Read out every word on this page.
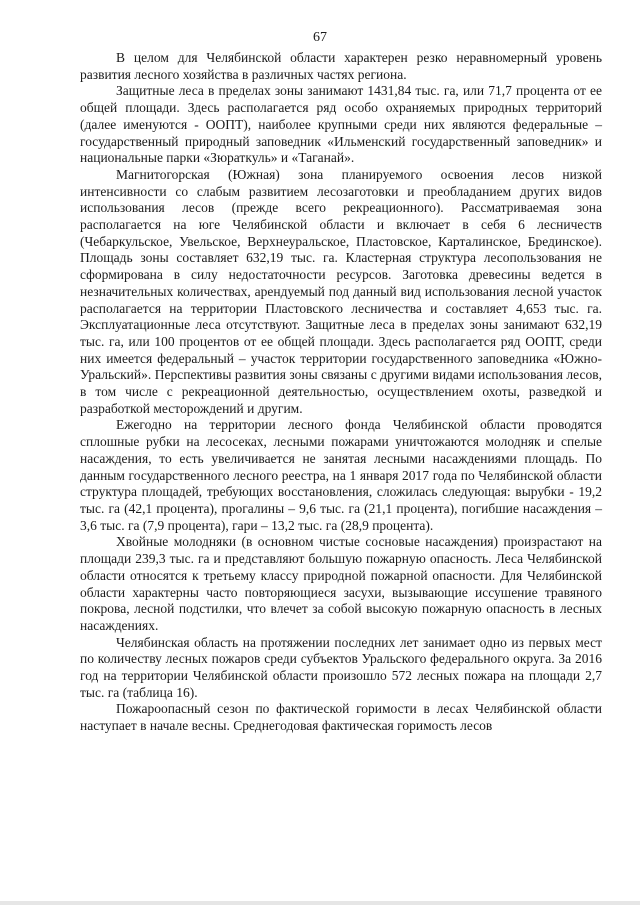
67

В целом для Челябинской области характерен резко неравномерный уровень развития лесного хозяйства в различных частях региона.

Защитные леса в пределах зоны занимают 1431,84 тыс. га, или 71,7 процента от ее общей площади. Здесь располагается ряд особо охраняемых природных территорий (далее именуются - ООПТ), наиболее крупными среди них являются федеральные – государственный природный заповедник «Ильменский государственный заповедник» и национальные парки «Зюраткуль» и «Таганай».

Магнитогорская (Южная) зона планируемого освоения лесов низкой интенсивности со слабым развитием лесозаготовки и преобладанием других видов использования лесов (прежде всего рекреационного). Рассматриваемая зона располагается на юге Челябинской области и включает в себя 6 лесничеств (Чебаркульское, Увельское, Верхнеуральское, Пластовское, Карталинское, Брединское). Площадь зоны составляет 632,19 тыс. га. Кластерная структура лесопользования не сформирована в силу недостаточности ресурсов. Заготовка древесины ведется в незначительных количествах, арендуемый под данный вид использования лесной участок располагается на территории Пластовского лесничества и составляет 4,653 тыс. га. Эксплуатационные леса отсутствуют. Защитные леса в пределах зоны занимают 632,19 тыс. га, или 100 процентов от ее общей площади. Здесь располагается ряд ООПТ, среди них имеется федеральный – участок территории государственного заповедника «Южно-Уральский». Перспективы развития зоны связаны с другими видами использования лесов, в том числе с рекреационной деятельностью, осуществлением охоты, разведкой и разработкой месторождений и другим.

Ежегодно на территории лесного фонда Челябинской области проводятся сплошные рубки на лесосеках, лесными пожарами уничтожаются молодняк и спелые насаждения, то есть увеличивается не занятая лесными насаждениями площадь. По данным государственного лесного реестра, на 1 января 2017 года по Челябинской области структура площадей, требующих восстановления, сложилась следующая: вырубки - 19,2 тыс. га (42,1 процента), прогалины – 9,6 тыс. га (21,1 процента), погибшие насаждения – 3,6 тыс. га (7,9 процента), гари – 13,2 тыс. га (28,9 процента).

Хвойные молодняки (в основном чистые сосновые насаждения) произрастают на площади 239,3 тыс. га и представляют большую пожарную опасность. Леса Челябинской области относятся к третьему классу природной пожарной опасности. Для Челябинской области характерны часто повторяющиеся засухи, вызывающие иссушение травяного покрова, лесной подстилки, что влечет за собой высокую пожарную опасность в лесных насаждениях.

Челябинская область на протяжении последних лет занимает одно из первых мест по количеству лесных пожаров среди субъектов Уральского федерального округа. За 2016 год на территории Челябинской области произошло 572 лесных пожара на площади 2,7 тыс. га (таблица 16).

Пожароопасный сезон по фактической горимости в лесах Челябинской области наступает в начале весны. Среднегодовая фактическая горимость лесов
